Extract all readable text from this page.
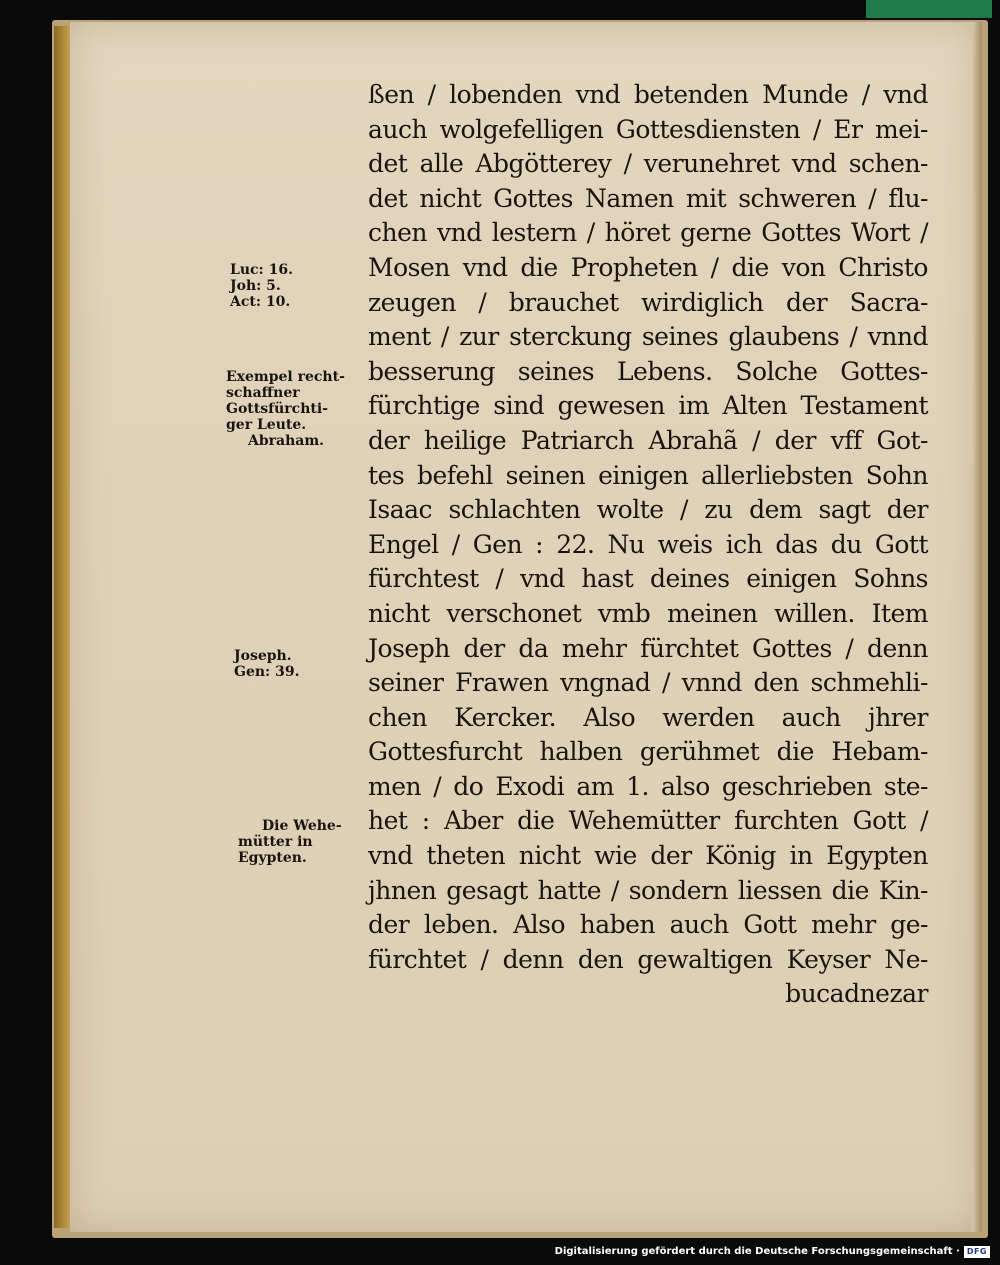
Luc: 16.
Joh: 5.
Act: 10.
Exempel recht-
schaffner
Gottsfürchti-
ger Leute.
Abraham.
Joseph.
Gen: 39.
Die Wehe-
mütter in
Egypten.
ßen / lobenden vnd betenden Munde / vnd
auch wolgefelligen Gottesdiensten / Er mei-
det alle Abgötterey / verunehret vnd schen-
det nicht Gottes Namen mit schweren / flu-
chen vnd lestern / höret gerne Gottes Wort /
Mosen vnd die Propheten / die von Christo
zeugen / brauchet wirdiglich der Sacra-
ment / zur sterckung seines glaubens / vnnd
besserung seines Lebens. Solche Gottes-
fürchtige sind gewesen im Alten Testament
der heilige Patriarch Abrahã / der vff Got-
tes befehl seinen einigen allerliebsten Sohn
Isaac schlachten wolte / zu dem sagt der
Engel / Gen : 22. Nu weis ich das du Gott
fürchtest / vnd hast deines einigen Sohns
nicht verschonet vmb meinen willen. Item
Joseph der da mehr fürchtet Gottes / denn
seiner Frawen vngnad / vnnd den schmehli-
chen Kercker. Also werden auch jhrer
Gottesfurcht halben gerühmet die Hebam-
men / do Exodi am 1. also geschrieben ste-
het : Aber die Wehemütter furchten Gott /
vnd theten nicht wie der König in Egypten
jhnen gesagt hatte / sondern liessen die Kin-
der leben. Also haben auch Gott mehr ge-
fürchtet / denn den gewaltigen Keyser Ne-
bucadnezar
Digitalisierung gefördert durch die Deutsche Forschungsgemeinschaft · DFG
